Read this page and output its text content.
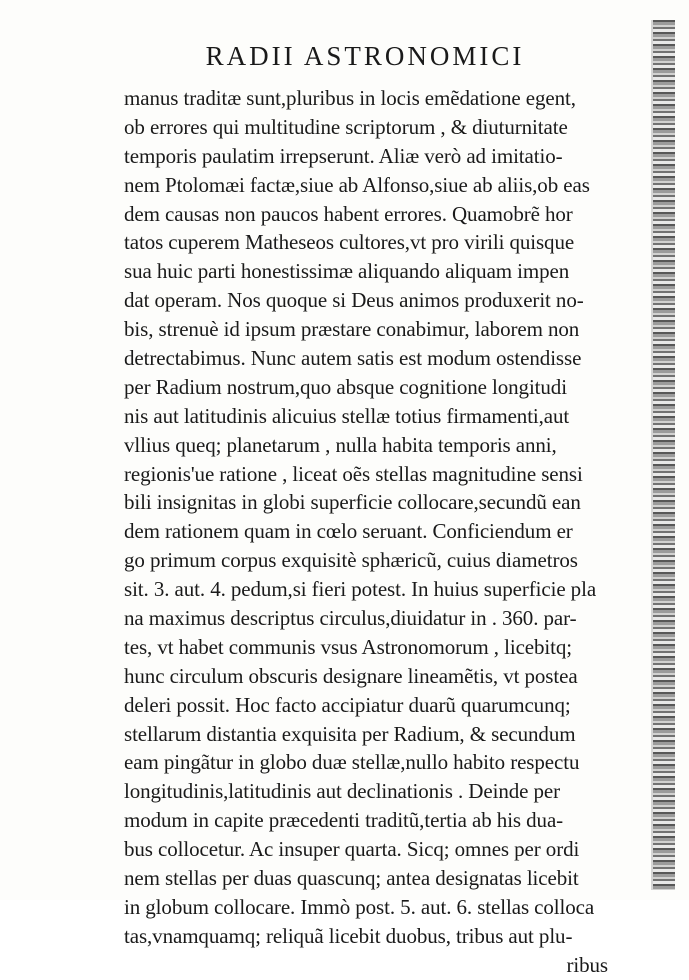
RADII ASTRONOMICI
manus traditæ sunt,pluribus in locis emẽdatione egent,
ob errores qui multitudine scriptorum , & diuturnitate
temporis paulatim irrepserunt. Aliæ verò ad imitatio-
nem Ptolomæi factæ,siue ab Alfonso,siue ab aliis,ob eas
dem causas non paucos habent errores. Quamobrẽ hor
tatos cuperem Matheseos cultores,vt pro virili quisque
sua huic parti honestissimæ aliquando aliquam impen
dat operam. Nos quoque si Deus animos produxerit no-
bis, strenuè id ipsum præstare conabimur, laborem non
detrectabimus. Nunc autem satis est modum ostendisse
per Radium nostrum,quo absque cognitione longitudi
nis aut latitudinis alicuius stellæ totius firmamenti,aut
vllius queq; planetarum , nulla habita temporis anni,
regionis'ue ratione , liceat oẽs stellas magnitudine sensi
bili insignitas in globi superficie collocare,secundũ ean
dem rationem quam in cœlo seruant. Conficiendum er
go primum corpus exquisitè sphæricũ, cuius diametros
sit. 3. aut. 4. pedum,si fieri potest. In huius superficie pla
na maximus descriptus circulus,diuidatur in . 360. par-
tes, vt habet communis vsus Astronomorum , licebitq;
hunc circulum obscuris designare lineamẽtis, vt postea
deleri possit. Hoc facto accipiatur duarũ quarumcunq;
stellarum distantia exquisita per Radium, & secundum
eam pingãtur in globo duæ stellæ,nullo habito respectu
longitudinis,latitudinis aut declinationis . Deinde per
modum in capite præcedenti traditũ,tertia ab his dua-
bus collocetur. Ac insuper quarta. Sicq; omnes per ordi
nem stellas per duas quascunq; antea designatas licebit
in globum collocare. Immò post. 5. aut. 6. stellas colloca
tas,vnamquamq; reliquã licebit duobus, tribus aut plu-
ribus
